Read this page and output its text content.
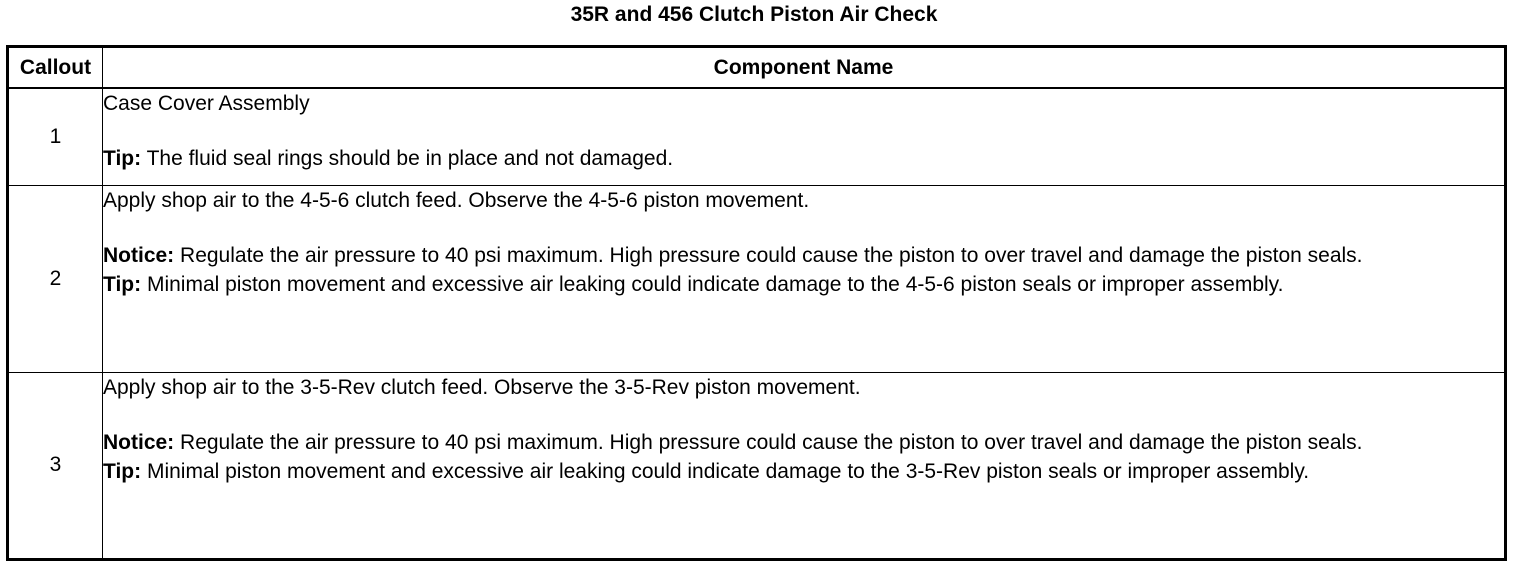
35R and 456 Clutch Piston Air Check
Callout	Component Name
1	Case Cover Assembly

Tip: The fluid seal rings should be in place and not damaged.

2	Apply shop air to the 4-5-6 clutch feed. Observe the 4-5-6 piston movement.

Notice: Regulate the air pressure to 40 psi maximum. High pressure could cause the piston to over travel and damage the piston seals.

Tip: Minimal piston movement and excessive air leaking could indicate damage to the 4-5-6 piston seals or improper assembly.

3	Apply shop air to the 3-5-Rev clutch feed. Observe the 3-5-Rev piston movement.

Notice: Regulate the air pressure to 40 psi maximum. High pressure could cause the piston to over travel and damage the piston seals.

Tip: Minimal piston movement and excessive air leaking could indicate damage to the 3-5-Rev piston seals or improper assembly.
